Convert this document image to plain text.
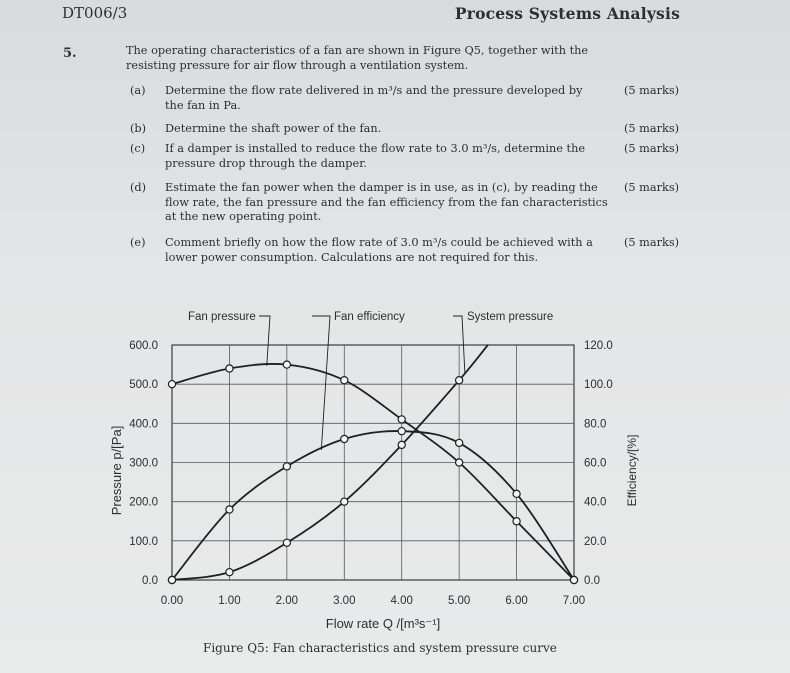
DT006/3	Process Systems Analysis
5.	The operating characteristics of a fan are shown in Figure Q5, together with the
resisting pressure for air flow through a ventilation system.
(a) Determine the flow rate delivered in m³/s and the pressure developed by
the fan in Pa.
(5 marks)
(b) Determine the shaft power of the fan.	(5 marks)
(c) If a damper is installed to reduce the flow rate to 3.0 m³/s, determine the
pressure drop through the damper.
(5 marks)
(d) Estimate the fan power when the damper is in use, as in (c), by reading the
flow rate, the fan pressure and the fan efficiency from the fan characteristics
at the new operating point.
(5 marks)
(e) Comment briefly on how the flow rate of 3.0 m³/s could be achieved with a
lower power consumption. Calculations are not required for this.
(5 marks)
0.00	1.00	2.00	3.00	4.00	5.00	6.00	7.00
0.0
100.0
200.0
300.0
400.0
500.0
600.0
0.0
20.0
40.0
60.0
80.0
100.0
120.0
Flow rate Q /[m³s⁻¹]
Pressure p/[Pa]	Efficiency/[%]
Fan pressure	Fan efficiency	System pressure
Figure Q5: Fan characteristics and system pressure curve
